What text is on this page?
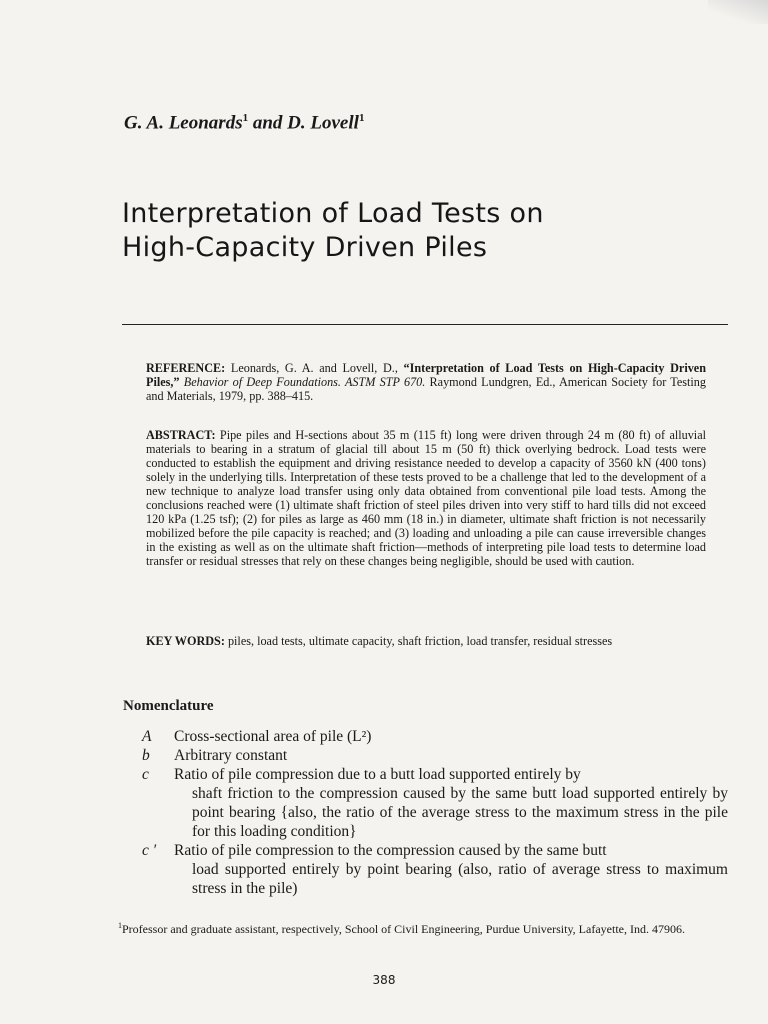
G. A. Leonards$^1$ and D. Lovell$^1$
Interpretation of Load Tests on
High-Capacity Driven Piles
REFERENCE: Leonards, G. A. and Lovell, D., “Interpretation of Load Tests on High-Capacity Driven Piles,” Behavior of Deep Foundations. ASTM STP 670. Raymond Lundgren, Ed., American Society for Testing and Materials, 1979, pp. 388–415.
ABSTRACT: Pipe piles and H-sections about 35 m (115 ft) long were driven through 24 m (80 ft) of alluvial materials to bearing in a stratum of glacial till about 15 m (50 ft) thick overlying bedrock. Load tests were conducted to establish the equipment and driving resistance needed to develop a capacity of 3560 kN (400 tons) solely in the underlying tills. Interpretation of these tests proved to be a challenge that led to the development of a new technique to analyze load transfer using only data obtained from conventional pile load tests. Among the conclusions reached were (1) ultimate shaft friction of steel piles driven into very stiff to hard tills did not exceed 120 kPa (1.25 tsf); (2) for piles as large as 460 mm (18 in.) in diameter, ultimate shaft friction is not necessarily mobilized before the pile capacity is reached; and (3) loading and unloading a pile can cause irreversible changes in the existing as well as on the ultimate shaft friction—methods of interpreting pile load tests to determine load transfer or residual stresses that rely on these changes being negligible, should be used with caution.
KEY WORDS: piles, load tests, ultimate capacity, shaft friction, load transfer, residual stresses
Nomenclature
A	Cross-sectional area of pile (L²)
b	Arbitrary constant
c	Ratio of pile compression due to a butt load supported entirely by
shaft friction to the compression caused by the same butt load supported entirely by point bearing {also, the ratio of the average stress to the maximum stress in the pile for this loading condition}
c ′	Ratio of pile compression to the compression caused by the same butt
load supported entirely by point bearing (also, ratio of average stress to maximum stress in the pile)
$^1$Professor and graduate assistant, respectively, School of Civil Engineering, Purdue University, Lafayette, Ind. 47906.
388
